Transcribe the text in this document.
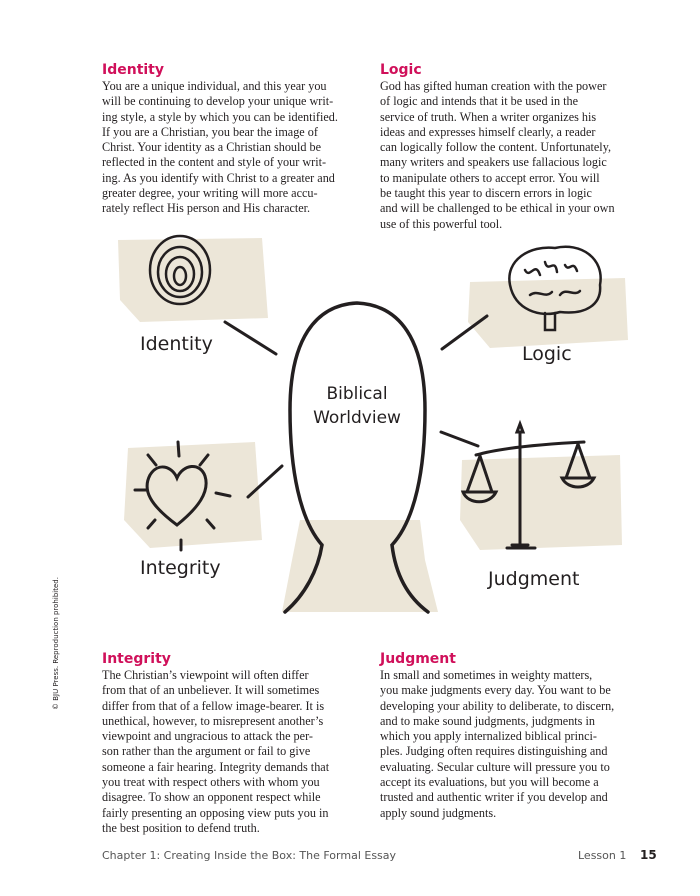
Identity
You are a unique individual, and this year you
will be continuing to develop your unique writ-
ing style, a style by which you can be identified.
If you are a Christian, you bear the image of
Christ. Your identity as a Christian should be
reflected in the content and style of your writ-
ing. As you identify with Christ to a greater and
greater degree, your writing will more accu-
rately reflect His person and His character.
Logic
God has gifted human creation with the power
of logic and intends that it be used in the
service of truth. When a writer organizes his
ideas and expresses himself clearly, a reader
can logically follow the content. Unfortunately,
many writers and speakers use fallacious logic
to manipulate others to accept error. You will
be taught this year to discern errors in logic
and will be challenged to be ethical in your own
use of this powerful tool.
Integrity
The Christian’s viewpoint will often differ
from that of an unbeliever. It will sometimes
differ from that of a fellow image-bearer. It is
unethical, however, to misrepresent another’s
viewpoint and ungracious to attack the per-
son rather than the argument or fail to give
someone a fair hearing. Integrity demands that
you treat with respect others with whom you
disagree. To show an opponent respect while
fairly presenting an opposing view puts you in
the best position to defend truth.
Judgment
In small and sometimes in weighty matters,
you make judgments every day. You want to be
developing your ability to deliberate, to discern,
and to make sound judgments, judgments in
which you apply internalized biblical princi-
ples. Judging often requires distinguishing and
evaluating. Secular culture will pressure you to
accept its evaluations, but you will become a
trusted and authentic writer if you develop and
apply sound judgments.
Identity	Logic
Integrity	Judgment
Biblical
Worldview
© BJU Press. Reproduction prohibited.
Chapter 1: Creating Inside the Box: The Formal Essay	Lesson 1 15
